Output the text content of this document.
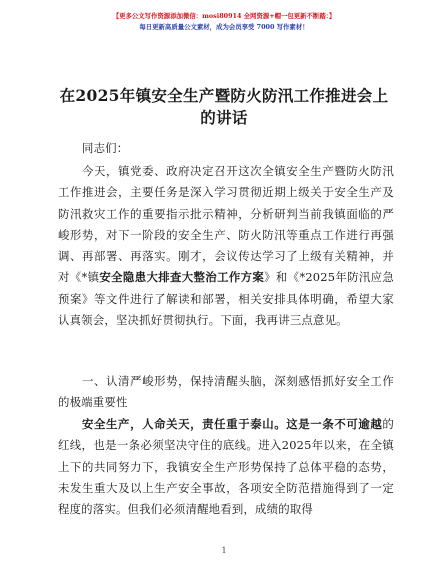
【更多公文写作资源添加微信：mosi80914 全网资源+帽一包更新不断踏：】
每日更新高质量公文素材，成为会员享受 7000 写作素材！
在2025年镇安全生产暨防火防汛工作推进会上的讲话
同志们：
今天，镇党委、政府决定召开这次全镇安全生产暨防火防汛工作推进会，主要任务是深入学习贯彻近期上级关于安全生产及防汛救灾工作的重要指示批示精神，分析研判当前我镇面临的严峻形势，对下一阶段的安全生产、防火防汛等重点工作进行再强调、再部署、再落实。刚才，会议传达学习了上级有关精神，并对《*镇安全隐患大排查大整治工作方案》和《*2025年防汛应急预案》等文件进行了解读和部署，相关安排具体明确，希望大家认真领会，坚决抓好贯彻执行。下面，我再讲三点意见。
一、认清严峻形势，保持清醒头脑，深刻感悟抓好安全工作的极端重要性
安全生产，人命关天，责任重于泰山。这是一条不可逾越的红线，也是一条必须坚决守住的底线。进入2025年以来，在全镇上下的共同努力下，我镇安全生产形势保持了总体平稳的态势，未发生重大及以上生产安全事故，各项安全防范措施得到了一定程度的落实。但我们必须清醒地看到，成绩的取得
1
